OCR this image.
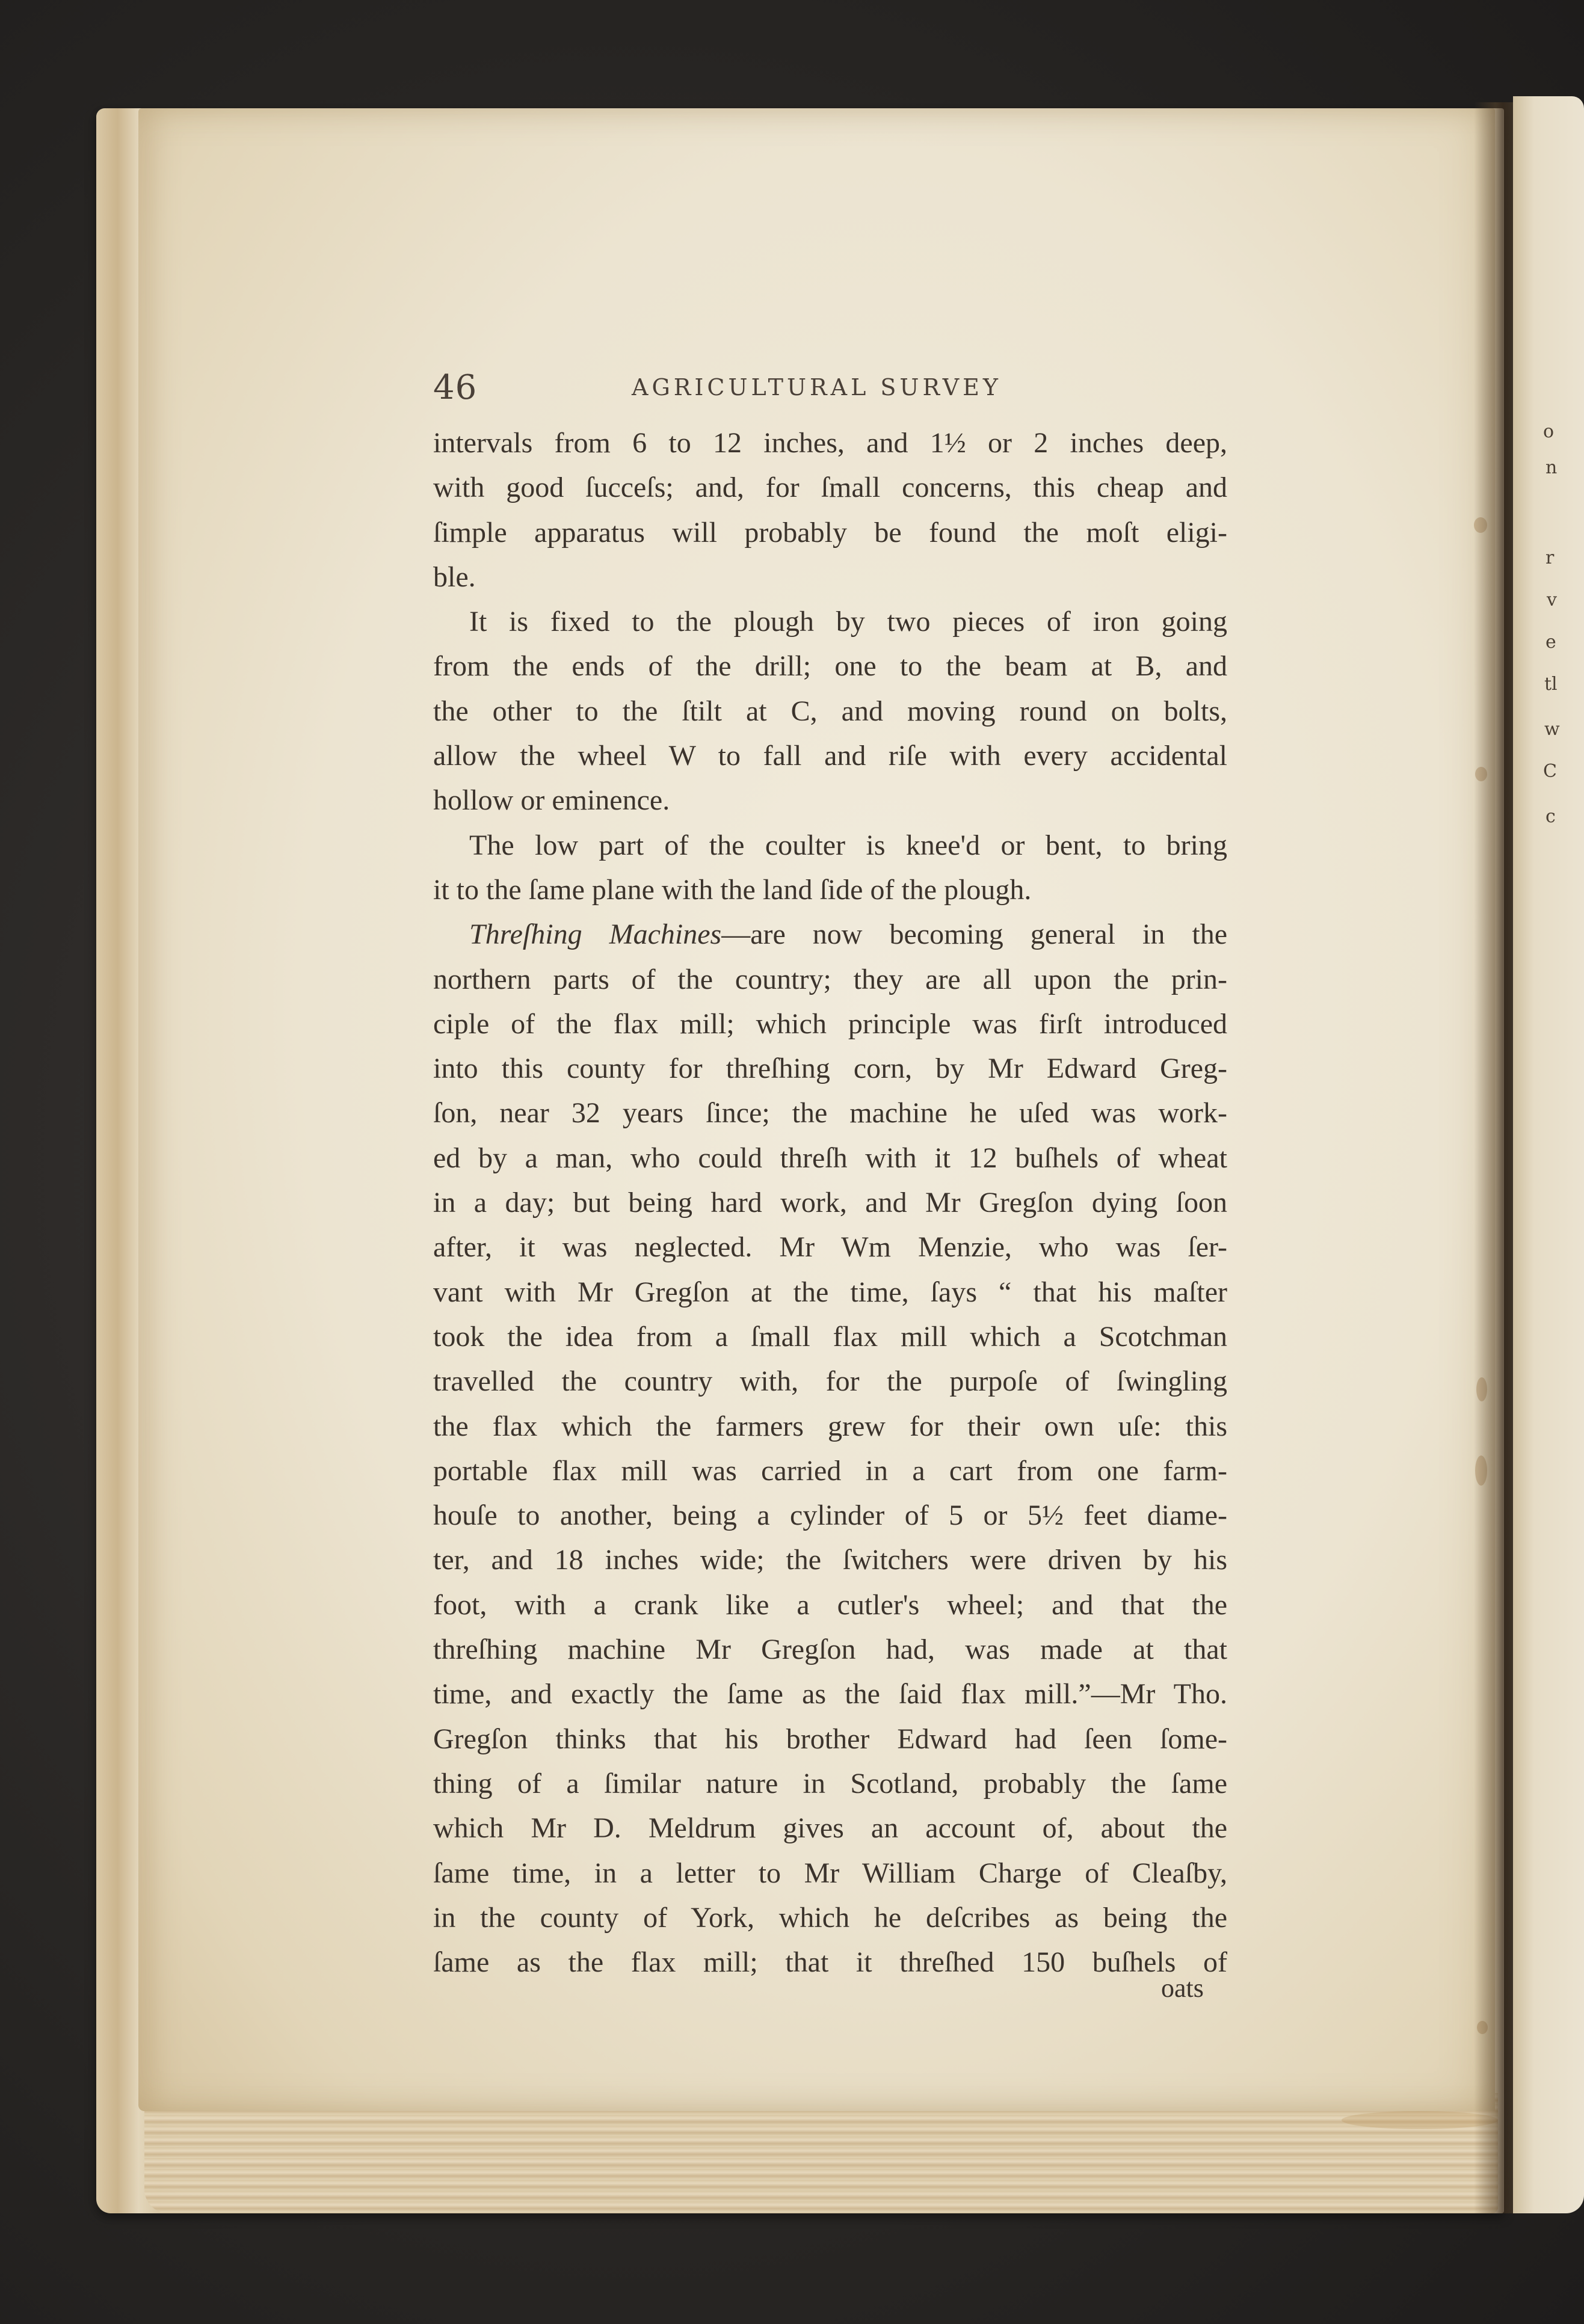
o
n
r
v
e
tl
w
C
c
46	AGRICULTURAL SURVEY
intervals from 6 to 12 inches, and 1½ or 2 inches deep,
with good ſucceſs; and, for ſmall concerns, this cheap and
ſimple apparatus will probably be found the moſt eligi-
ble.
It is fixed to the plough by two pieces of iron going
from the ends of the drill; one to the beam at B, and
the other to the ſtilt at C, and moving round on bolts,
allow the wheel W to fall and riſe with every accidental
hollow or eminence.
The low part of the coulter is knee'd or bent, to bring
it to the ſame plane with the land ſide of the plough.
Threſhing Machines—are now becoming general in the
northern parts of the country; they are all upon the prin-
ciple of the flax mill; which principle was firſt introduced
into this county for threſhing corn, by Mr Edward Greg-
ſon, near 32 years ſince; the machine he uſed was work-
ed by a man, who could threſh with it 12 buſhels of wheat
in a day; but being hard work, and Mr Gregſon dying ſoon
after, it was neglected. Mr Wm Menzie, who was ſer-
vant with Mr Gregſon at the time, ſays “ that his maſter
took the idea from a ſmall flax mill which a Scotchman
travelled the country with, for the purpoſe of ſwingling
the flax which the farmers grew for their own uſe: this
portable flax mill was carried in a cart from one farm-
houſe to another, being a cylinder of 5 or 5½ feet diame-
ter, and 18 inches wide; the ſwitchers were driven by his
foot, with a crank like a cutler's wheel; and that the
threſhing machine Mr Gregſon had, was made at that
time, and exactly the ſame as the ſaid flax mill.”—Mr Tho.
Gregſon thinks that his brother Edward had ſeen ſome-
thing of a ſimilar nature in Scotland, probably the ſame
which Mr D. Meldrum gives an account of, about the
ſame time, in a letter to Mr William Charge of Cleaſby,
in the county of York, which he deſcribes as being the
ſame as the flax mill; that it threſhed 150 buſhels of
oats
